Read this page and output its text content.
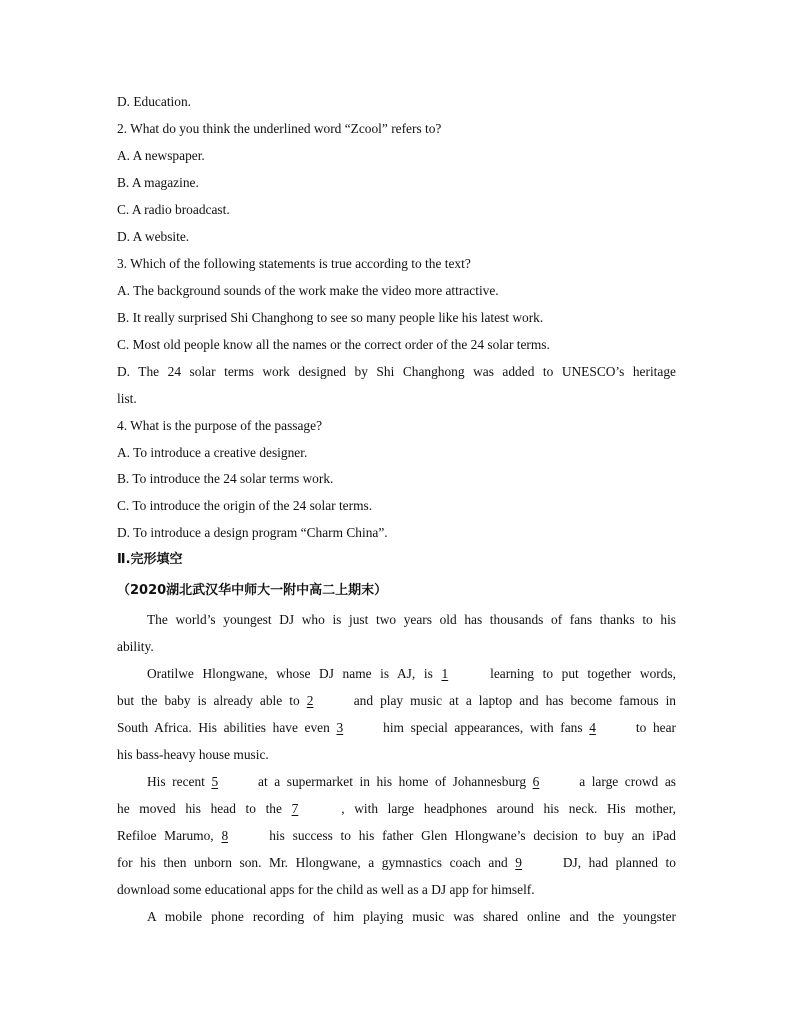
D. Education.
2. What do you think the underlined word “Zcool” refers to?
A. A newspaper.
B. A magazine.
C. A radio broadcast.
D. A website.
3. Which of the following statements is true according to the text?
A. The background sounds of the work make the video more attractive.
B. It really surprised Shi Changhong to see so many people like his latest work.
C. Most old people know all the names or the correct order of the 24 solar terms.
D. The 24 solar terms work designed by Shi Changhong was added to UNESCO’s heritage
list.
4. What is the purpose of the passage?
A. To introduce a creative designer.
B. To introduce the 24 solar terms work.
C. To introduce the origin of the 24 solar terms.
D. To introduce a design program “Charm China”.
Ⅱ.完形填空
（2020湖北武汉华中师大一附中高二上期末）
The world’s youngest DJ who is just two years old has thousands of fans thanks to his
ability.
Oratilwe Hlongwane, whose DJ name is AJ, is 1	learning to put together words,
but the baby is already able to 2	and play music at a laptop and has become famous in
South Africa. His abilities have even 3	him special appearances, with fans 4	to hear
his bass-heavy house music.
His recent 5	at a supermarket in his home of Johannesburg 6	a large crowd as
he moved his head to the 7	, with large headphones around his neck. His mother,
Refiloe Marumo, 8	his success to his father Glen Hlongwane’s decision to buy an iPad
for his then unborn son. Mr. Hlongwane, a gymnastics coach and 9	DJ, had planned to
download some educational apps for the child as well as a DJ app for himself.
A mobile phone recording of him playing music was shared online and the youngster
